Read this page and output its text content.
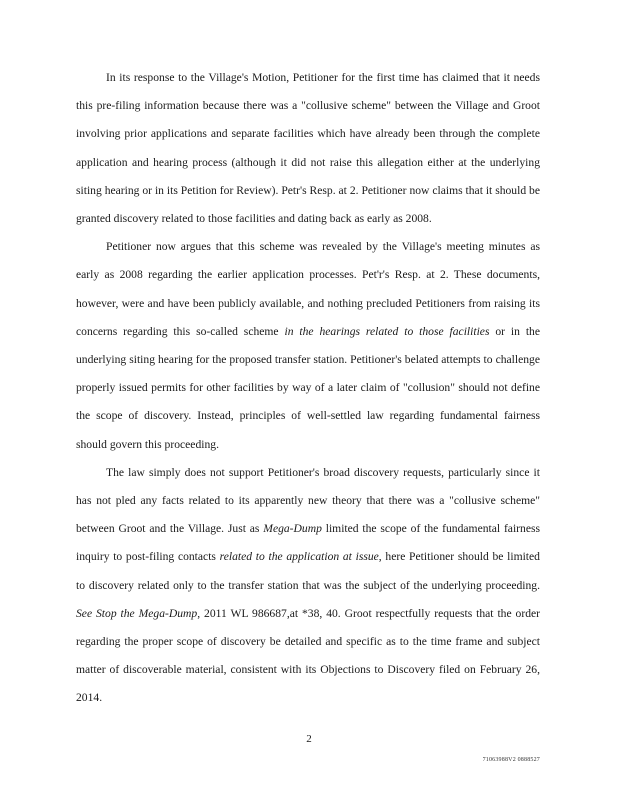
In its response to the Village's Motion, Petitioner for the first time has claimed that it needs this pre-filing information because there was a "collusive scheme" between the Village and Groot involving prior applications and separate facilities which have already been through the complete application and hearing process (although it did not raise this allegation either at the underlying siting hearing or in its Petition for Review). Petr's Resp. at 2. Petitioner now claims that it should be granted discovery related to those facilities and dating back as early as 2008.

Petitioner now argues that this scheme was revealed by the Village's meeting minutes as early as 2008 regarding the earlier application processes. Pet'r's Resp. at 2. These documents, however, were and have been publicly available, and nothing precluded Petitioners from raising its concerns regarding this so-called scheme in the hearings related to those facilities or in the underlying siting hearing for the proposed transfer station. Petitioner's belated attempts to challenge properly issued permits for other facilities by way of a later claim of "collusion" should not define the scope of discovery. Instead, principles of well-settled law regarding fundamental fairness should govern this proceeding.

The law simply does not support Petitioner's broad discovery requests, particularly since it has not pled any facts related to its apparently new theory that there was a "collusive scheme" between Groot and the Village. Just as Mega-Dump limited the scope of the fundamental fairness inquiry to post-filing contacts related to the application at issue, here Petitioner should be limited to discovery related only to the transfer station that was the subject of the underlying proceeding. See Stop the Mega-Dump, 2011 WL 986687,at *38, 40. Groot respectfully requests that the order regarding the proper scope of discovery be detailed and specific as to the time frame and subject matter of discoverable material, consistent with its Objections to Discovery filed on February 26, 2014.

2
71063988V2 0888527
